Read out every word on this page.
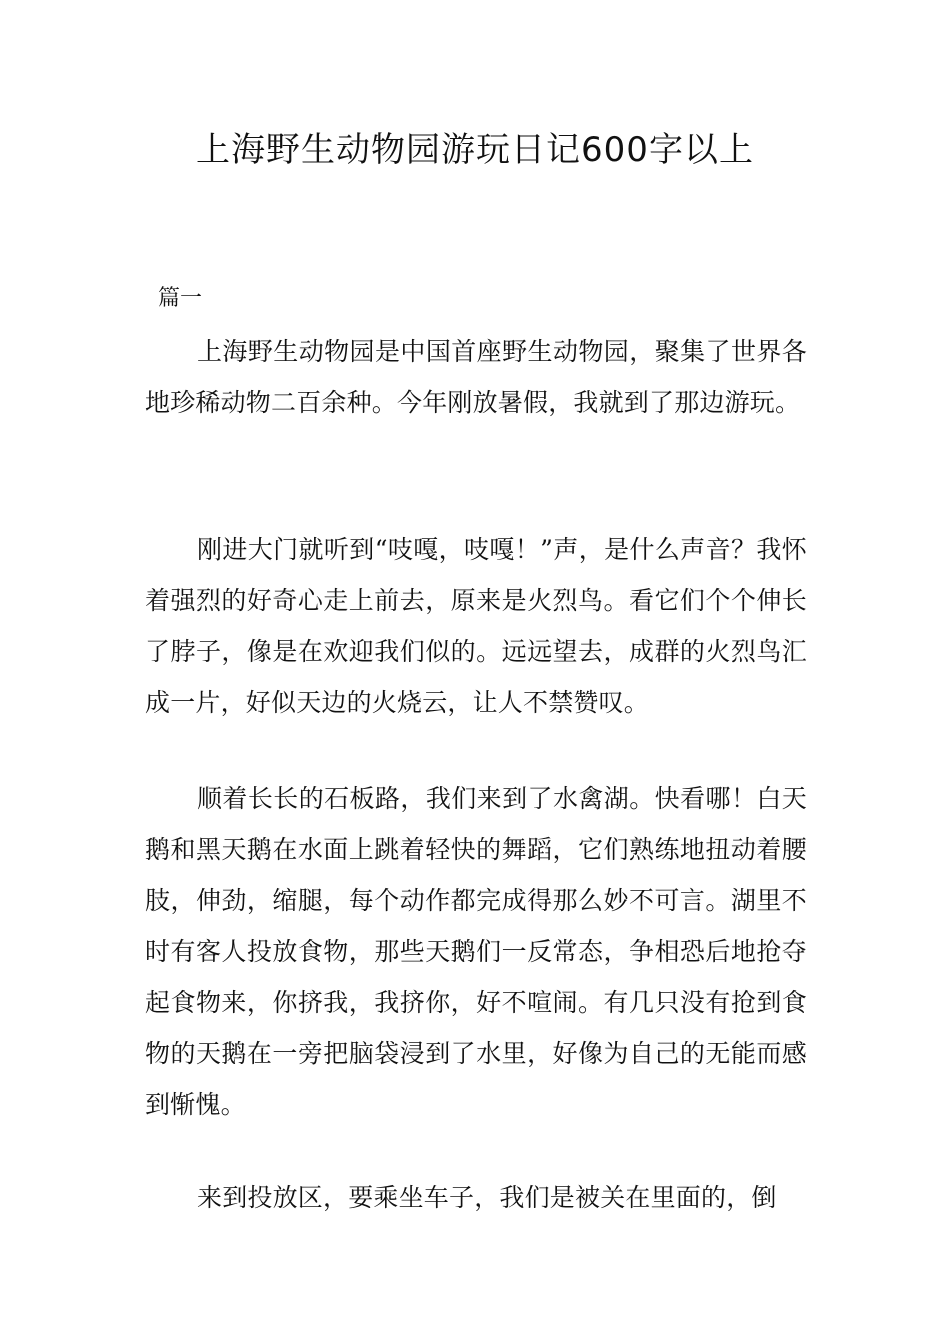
上海野生动物园游玩日记600字以上

篇一

上海野生动物园是中国首座野生动物园，聚集了世界各地珍稀动物二百余种。今年刚放暑假，我就到了那边游玩。

刚进大门就听到“吱嘎，吱嘎！”声，是什么声音？我怀着强烈的好奇心走上前去，原来是火烈鸟。看它们个个伸长了脖子，像是在欢迎我们似的。远远望去，成群的火烈鸟汇成一片，好似天边的火烧云，让人不禁赞叹。

顺着长长的石板路，我们来到了水禽湖。快看哪！白天鹅和黑天鹅在水面上跳着轻快的舞蹈，它们熟练地扭动着腰肢，伸劲，缩腿，每个动作都完成得那么妙不可言。湖里不时有客人投放食物，那些天鹅们一反常态，争相恐后地抢夺起食物来，你挤我，我挤你，好不喧闹。有几只没有抢到食物的天鹅在一旁把脑袋浸到了水里，好像为自己的无能而感到惭愧。

来到投放区，要乘坐车子，我们是被关在里面的，倒
